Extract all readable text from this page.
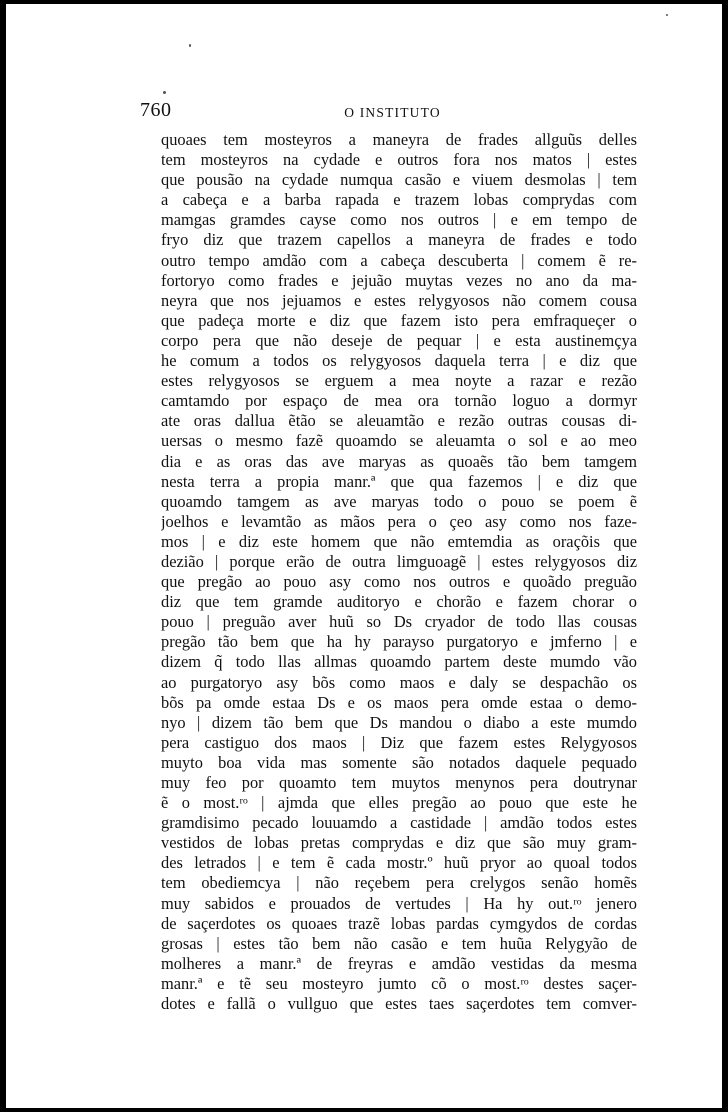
760	O INSTITUTO
quoaes tem mosteyros a maneyra de frades allguũs delles
tem mosteyros na cydade e outros fora nos matos | estes
que pousão na cydade numqua casão e viuem desmolas | tem
a cabeça e a barba rapada e trazem lobas comprydas com
mamgas gramdes cayse como nos outros | e em tempo de
fryo diz que trazem capellos a maneyra de frades e todo
outro tempo amdão com a cabeça descuberta | comem ẽ re-
fortoryo como frades e jejuão muytas vezes no ano da ma-
neyra que nos jejuamos e estes relygyosos não comem cousa
que padeça morte e diz que fazem isto pera emfraqueçer o
corpo pera que não deseje de pequar | e esta austinemçya
he comum a todos os relygyosos daquela terra | e diz que
estes relygyosos se erguem a mea noyte a razar e rezão
camtamdo por espaço de mea ora tornão loguo a dormyr
ate oras dallua ẽtão se aleuamtão e rezão outras cousas di-
uersas o mesmo fazẽ quoamdo se aleuamta o sol e ao meo
dia e as oras das ave maryas as quoaẽs tão bem tamgem
nesta terra a propia manr.ª que qua fazemos | e diz que
quoamdo tamgem as ave maryas todo o pouo se poem ẽ
joelhos e levamtão as mãos pera o çeo asy como nos faze-
mos | e diz este homem que não emtemdia as oraçõis que
dezião | porque erão de outra limguoagẽ | estes relygyosos diz
que pregão ao pouo asy como nos outros e quoãdo preguão
diz que tem gramde auditoryo e chorão e fazem chorar o
pouo | preguão aver huũ so Ds cryador de todo llas cousas
pregão tão bem que ha hy parayso purgatoryo e jmferno | e
dizem q̃ todo llas allmas quoamdo partem deste mumdo vão
ao purgatoryo asy bõs como maos e daly se despachão os
bõs pa omde estaa Ds e os maos pera omde estaa o demo-
nyo | dizem tão bem que Ds mandou o diabo a este mumdo
pera castiguo dos maos | Diz que fazem estes Relygyosos
muyto boa vida mas somente são notados daquele pequado
muy feo por quoamto tem muytos menynos pera doutrynar
ẽ o most.ʳᵒ | ajmda que elles pregão ao pouo que este he
gramdisimo pecado louuamdo a castidade | amdão todos estes
vestidos de lobas pretas comprydas e diz que são muy gram-
des letrados | e tem ẽ cada mostr.º huũ pryor ao quoal todos
tem obediemcya | não reçebem pera crelygos senão homẽs
muy sabidos e prouados de vertudes | Ha hy out.ʳᵒ jenero
de saçerdotes os quoaes trazẽ lobas pardas cymgydos de cordas
grosas | estes tão bem não casão e tem huũa Relygyão de
molheres a manr.ª de freyras e amdão vestidas da mesma
manr.ª e tẽ seu mosteyro jumto cõ o most.ʳᵒ destes saçer-
dotes e fallã o vullguo que estes taes saçerdotes tem comver-
